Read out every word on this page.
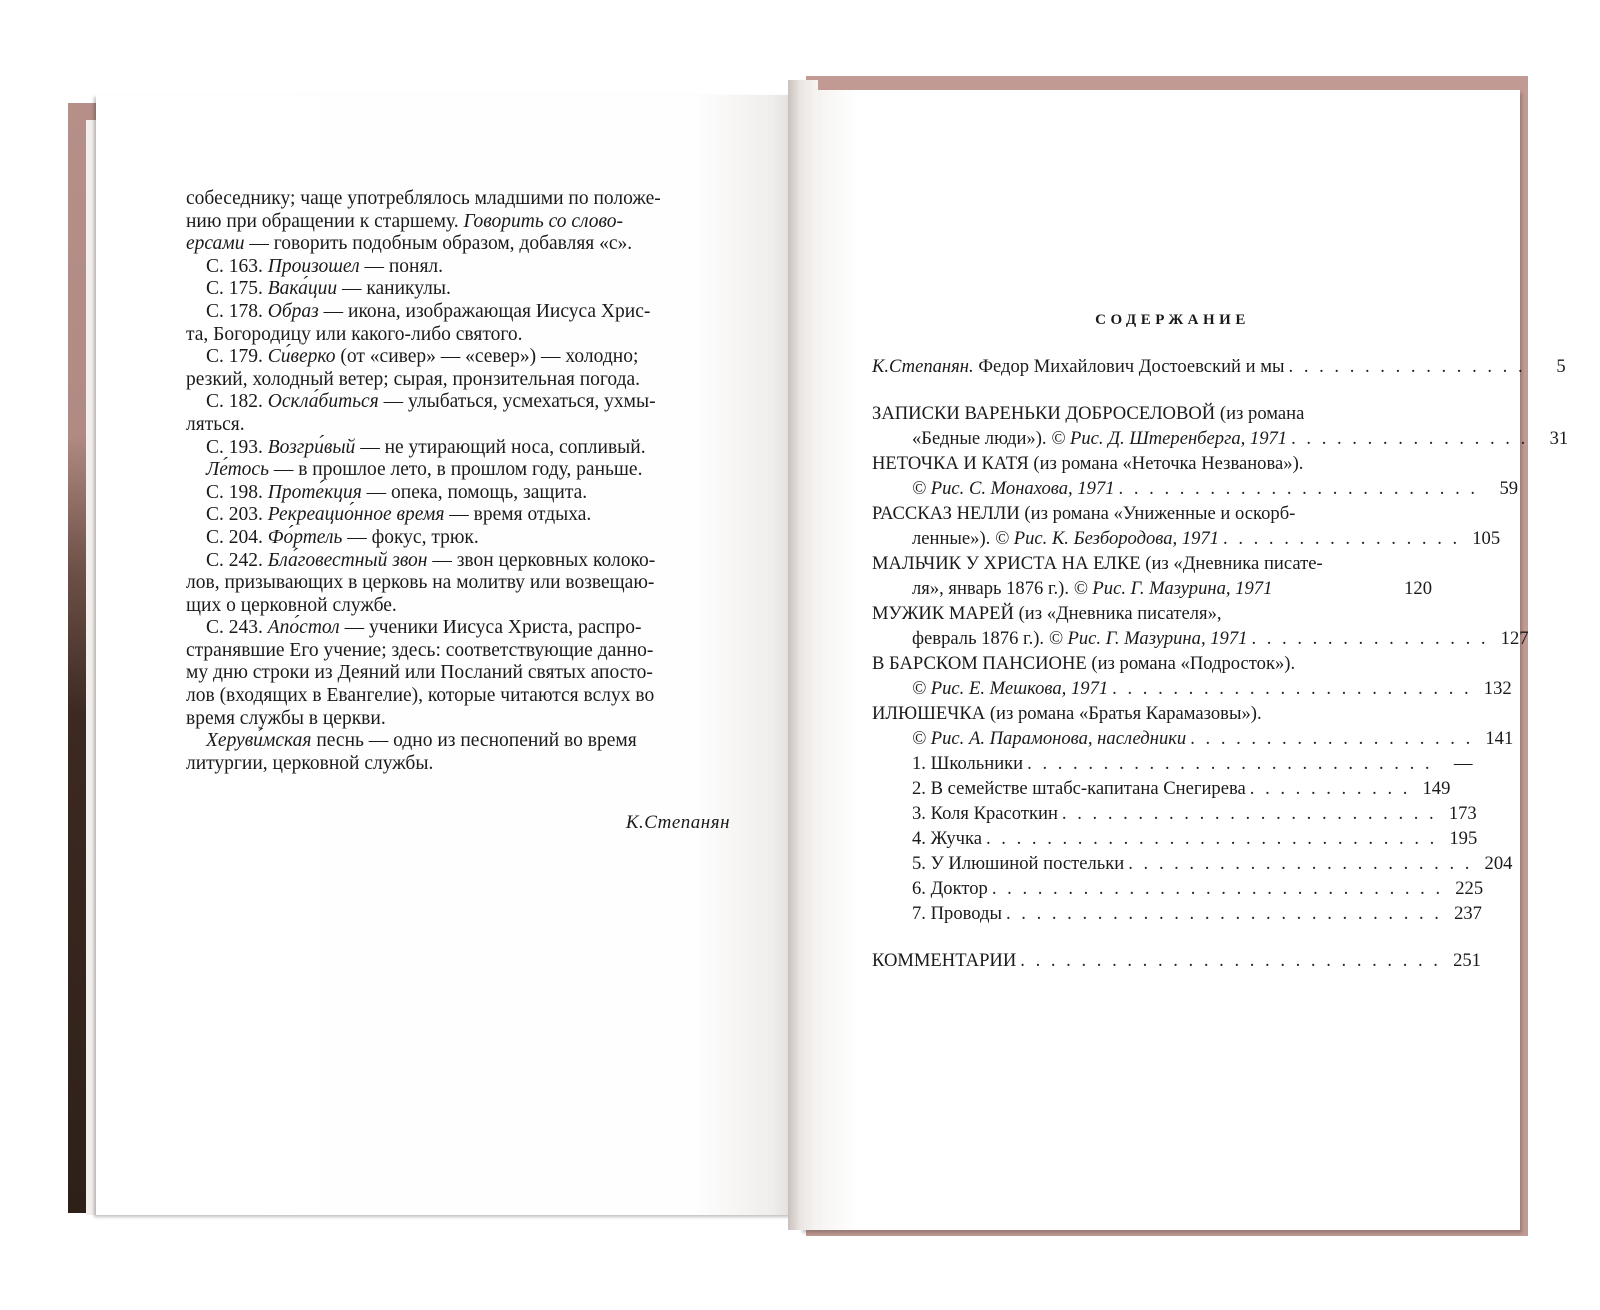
собеседнику; чаще употреблялось младшими по положе-

нию при обращении к старшему. Говорить со слово-

ерсами — говорить подобным образом, добавляя «с».

С. 163. Произошел — понял.

С. 175. Вака́ции — каникулы.

С. 178. Образ — икона, изображающая Иисуса Хрис-

та, Богородицу или какого-либо святого.

С. 179. Си́верко (от «сивер» — «север») — холодно;

резкий, холодный ветер; сырая, пронзительная погода.

С. 182. Оскла́биться — улыбаться, усмехаться, ухмы-

ляться.

С. 193. Возгри́вый — не утирающий носа, сопливый.

Ле́тось — в прошлое лето, в прошлом году, раньше.

С. 198. Проте́кция — опека, помощь, защита.

С. 203. Рекреацио́нное время — время отдыха.

С. 204. Фо́ртель — фокус, трюк.

С. 242. Бла́говестный звон — звон церковных колоко-

лов, призывающих в церковь на молитву или возвещаю-

щих о церковной службе.

С. 243. Апо́стол — ученики Иисуса Христа, распро-

странявшие Его учение; здесь: соответствующие данно-

му дню строки из Деяний или Посланий святых апосто-

лов (входящих в Евангелие), которые читаются вслух во

время службы в церкви.

Херуви́мская песнь — одно из песнопений во время

литургии, церковной службы.

К.Степанян
СОДЕРЖАНИЕ
К.Степанян. Федор Михайлович Достоевский и мы . . . . . . . . . . . . . . . .	5
ЗАПИСКИ ВАРЕНЬКИ ДОБРОСЕЛОВОЙ (из романа
«Бедные люди»). © Рис. Д. Штеренберга, 1971 . . . . . . . . . . . . . . . .	31
НЕТОЧКА И КАТЯ (из романа «Неточка Незванова»).
© Рис. С. Монахова, 1971 . . . . . . . . . . . . . . . . . . . . . . . .	59
РАССКАЗ НЕЛЛИ (из романа «Униженные и оскорб-
ленные»). © Рис. К. Безбородова, 1971 . . . . . . . . . . . . . . . . 105
МАЛЬЧИК У ХРИСТА НА ЕЛКЕ (из «Дневника писате-
ля», январь 1876 г.). © Рис. Г. Мазурина, 1971	120
МУЖИК МАРЕЙ (из «Дневника писателя»,
февраль 1876 г.). © Рис. Г. Мазурина, 1971 . . . . . . . . . . . . . . . . 127
В БАРСКОМ ПАНСИОНЕ (из романа «Подросток»).
© Рис. Е. Мешкова, 1971 . . . . . . . . . . . . . . . . . . . . . . . . 132
ИЛЮШЕЧКА (из романа «Братья Карамазовы»).
© Рис. А. Парамонова, наследники . . . . . . . . . . . . . . . . . . . 141
1. Школьники . . . . . . . . . . . . . . . . . . . . . . . . . . .	—
2. В семействе штабс-капитана Снегирева . . . . . . . . . . . 149
3. Коля Красоткин . . . . . . . . . . . . . . . . . . . . . . . . . 173
4. Жучка . . . . . . . . . . . . . . . . . . . . . . . . . . . . . . 195
5. У Илюшиной постельки . . . . . . . . . . . . . . . . . . . . . . . 204
6. Доктор . . . . . . . . . . . . . . . . . . . . . . . . . . . . . . 225
7. Проводы . . . . . . . . . . . . . . . . . . . . . . . . . . . . . 237
КОММЕНТАРИИ . . . . . . . . . . . . . . . . . . . . . . . . . . . . 251
